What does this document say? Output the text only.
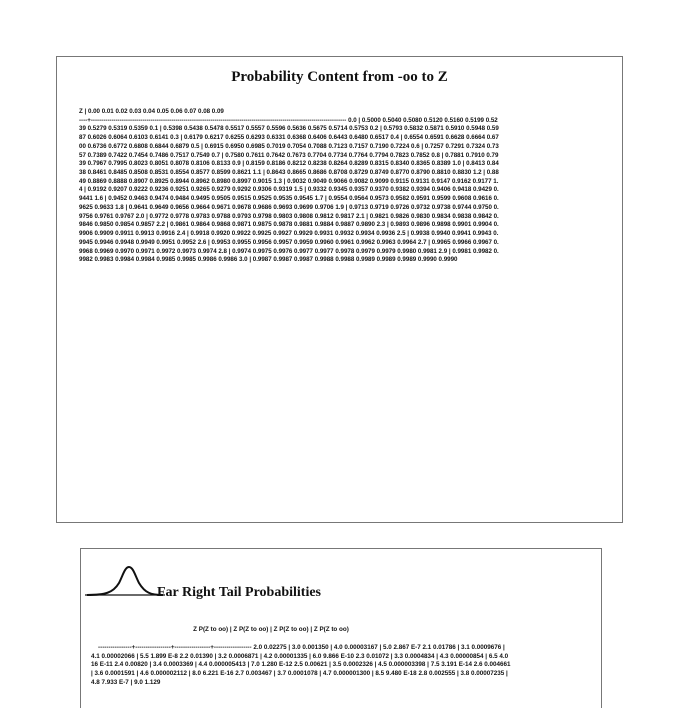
Probability Content from -oo to Z
Z | 0.00 0.01 0.02 0.03 0.04 0.05 0.06 0.07 0.08 0.09
----+---------------------------------------------------------------------------------------------------------------------------- 0.0 | 0.5000 0.5040 0.5080 0.5120 0.5160 0.5199 0.5239 0.5279 0.5319 0.5359 0.1 | 0.5398 0.5438 0.5478 0.5517 0.5557 0.5596 0.5636 0.5675 0.5714 0.5753 0.2 | 0.5793 0.5832 0.5871 0.5910 0.5948 0.5987 0.6026 0.6064 0.6103 0.6141 0.3 | 0.6179 0.6217 0.6255 0.6293 0.6331 0.6368 0.6406 0.6443 0.6480 0.6517 0.4 | 0.6554 0.6591 0.6628 0.6664 0.6700 0.6736 0.6772 0.6808 0.6844 0.6879 0.5 | 0.6915 0.6950 0.6985 0.7019 0.7054 0.7088 0.7123 0.7157 0.7190 0.7224 0.6 | 0.7257 0.7291 0.7324 0.7357 0.7389 0.7422 0.7454 0.7486 0.7517 0.7549 0.7 | 0.7580 0.7611 0.7642 0.7673 0.7704 0.7734 0.7764 0.7794 0.7823 0.7852 0.8 | 0.7881 0.7910 0.7939 0.7967 0.7995 0.8023 0.8051 0.8078 0.8106 0.8133 0.9 | 0.8159 0.8186 0.8212 0.8238 0.8264 0.8289 0.8315 0.8340 0.8365 0.8389 1.0 | 0.8413 0.8438 0.8461 0.8485 0.8508 0.8531 0.8554 0.8577 0.8599 0.8621 1.1 | 0.8643 0.8665 0.8686 0.8708 0.8729 0.8749 0.8770 0.8790 0.8810 0.8830 1.2 | 0.8849 0.8869 0.8888 0.8907 0.8925 0.8944 0.8962 0.8980 0.8997 0.9015 1.3 | 0.9032 0.9049 0.9066 0.9082 0.9099 0.9115 0.9131 0.9147 0.9162 0.9177 1.4 | 0.9192 0.9207 0.9222 0.9236 0.9251 0.9265 0.9279 0.9292 0.9306 0.9319 1.5 | 0.9332 0.9345 0.9357 0.9370 0.9382 0.9394 0.9406 0.9418 0.9429 0.9441 1.6 | 0.9452 0.9463 0.9474 0.9484 0.9495 0.9505 0.9515 0.9525 0.9535 0.9545 1.7 | 0.9554 0.9564 0.9573 0.9582 0.9591 0.9599 0.9608 0.9616 0.9625 0.9633 1.8 | 0.9641 0.9649 0.9656 0.9664 0.9671 0.9678 0.9686 0.9693 0.9699 0.9706 1.9 | 0.9713 0.9719 0.9726 0.9732 0.9738 0.9744 0.9750 0.9756 0.9761 0.9767 2.0 | 0.9772 0.9778 0.9783 0.9788 0.9793 0.9798 0.9803 0.9808 0.9812 0.9817 2.1 | 0.9821 0.9826 0.9830 0.9834 0.9838 0.9842 0.9846 0.9850 0.9854 0.9857 2.2 | 0.9861 0.9864 0.9868 0.9871 0.9875 0.9878 0.9881 0.9884 0.9887 0.9890 2.3 | 0.9893 0.9896 0.9898 0.9901 0.9904 0.9906 0.9909 0.9911 0.9913 0.9916 2.4 | 0.9918 0.9920 0.9922 0.9925 0.9927 0.9929 0.9931 0.9932 0.9934 0.9936 2.5 | 0.9938 0.9940 0.9941 0.9943 0.9945 0.9946 0.9948 0.9949 0.9951 0.9952 2.6 | 0.9953 0.9955 0.9956 0.9957 0.9959 0.9960 0.9961 0.9962 0.9963 0.9964 2.7 | 0.9965 0.9966 0.9967 0.9968 0.9969 0.9970 0.9971 0.9972 0.9973 0.9974 2.8 | 0.9974 0.9975 0.9976 0.9977 0.9977 0.9978 0.9979 0.9979 0.9980 0.9981 2.9 | 0.9981 0.9982 0.9982 0.9983 0.9984 0.9984 0.9985 0.9985 0.9986 0.9986 3.0 | 0.9987 0.9987 0.9987 0.9988 0.9988 0.9989 0.9989 0.9989 0.9990 0.9990
Far Right Tail Probabilities

Z P(Z to oo) | Z P(Z to oo) | Z P(Z to oo) | Z P(Z to oo)

----------------+-----------------+-----------------+------------------ 2.0 0.02275 | 3.0 0.001350 | 4.0 0.00003167 | 5.0 2.867 E-7 2.1 0.01786 | 3.1 0.0009676 | 4.1 0.00002066 | 5.5 1.899 E-8 2.2 0.01390 | 3.2 0.0006871 | 4.2 0.00001335 | 6.0 9.866 E-10 2.3 0.01072 | 3.3 0.0004834 | 4.3 0.00000854 | 6.5 4.016 E-11 2.4 0.00820 | 3.4 0.0003369 | 4.4 0.000005413 | 7.0 1.280 E-12 2.5 0.00621 | 3.5 0.0002326 | 4.5 0.000003398 | 7.5 3.191 E-14 2.6 0.004661 | 3.6 0.0001591 | 4.6 0.000002112 | 8.0 6.221 E-16 2.7 0.003467 | 3.7 0.0001078 | 4.7 0.000001300 | 8.5 9.480 E-18 2.8 0.002555 | 3.8 0.00007235 | 4.8 7.933 E-7 | 9.0 1.129
